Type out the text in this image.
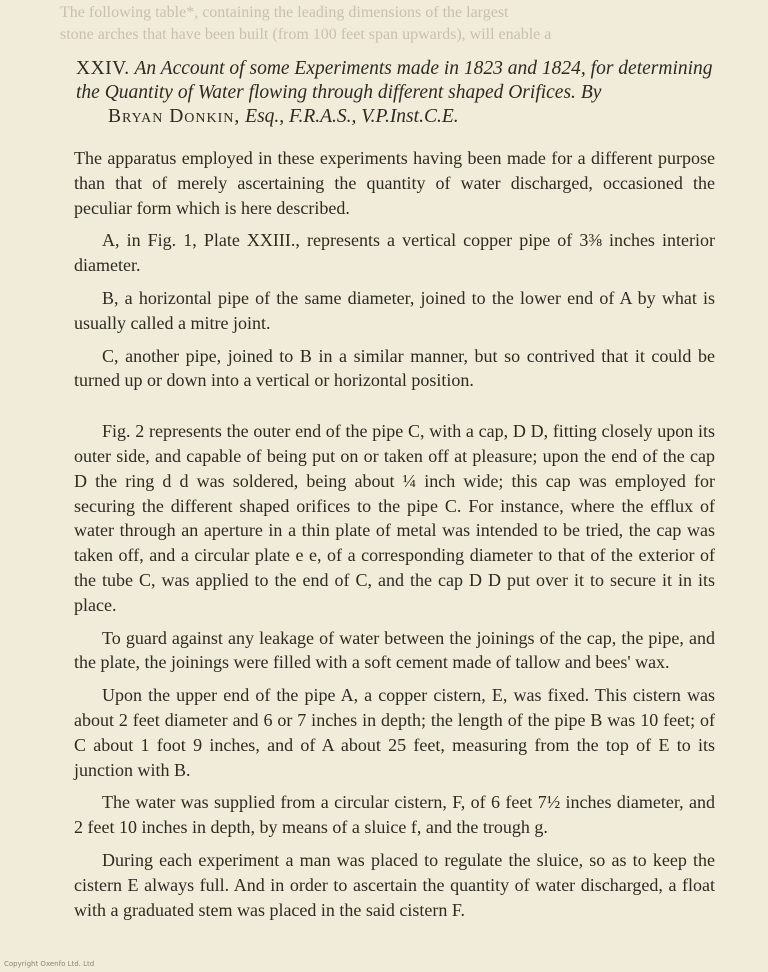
The following table*, containing the leading dimensions of the largest
stone arches that have been built (from 100 feet span upwards), will enable a
XXIV. An Account of some Experiments made in 1823 and 1824, for determining the Quantity of Water flowing through different shaped Orifices. By
Bryan Donkin, Esq., F.R.A.S., V.P.Inst.C.E.

The apparatus employed in these experiments having been made for a different purpose than that of merely ascertaining the quantity of water discharged, occasioned the peculiar form which is here described.

A, in Fig. 1, Plate XXIII., represents a vertical copper pipe of 3⅜ inches interior diameter.

B, a horizontal pipe of the same diameter, joined to the lower end of A by what is usually called a mitre joint.

C, another pipe, joined to B in a similar manner, but so contrived that it could be turned up or down into a vertical or horizontal position.

Fig. 2 represents the outer end of the pipe C, with a cap, D D, fitting closely upon its outer side, and capable of being put on or taken off at pleasure; upon the end of the cap D the ring d d was soldered, being about ¼ inch wide; this cap was employed for securing the different shaped orifices to the pipe C. For instance, where the efflux of water through an aperture in a thin plate of metal was intended to be tried, the cap was taken off, and a circular plate e e, of a corresponding diameter to that of the exterior of the tube C, was applied to the end of C, and the cap D D put over it to secure it in its place.

To guard against any leakage of water between the joinings of the cap, the pipe, and the plate, the joinings were filled with a soft cement made of tallow and bees' wax.

Upon the upper end of the pipe A, a copper cistern, E, was fixed. This cistern was about 2 feet diameter and 6 or 7 inches in depth; the length of the pipe B was 10 feet; of C about 1 foot 9 inches, and of A about 25 feet, measuring from the top of E to its junction with B.

The water was supplied from a circular cistern, F, of 6 feet 7½ inches diameter, and 2 feet 10 inches in depth, by means of a sluice f, and the trough g.

During each experiment a man was placed to regulate the sluice, so as to keep the cistern E always full. And in order to ascertain the quantity of water discharged, a float with a graduated stem was placed in the said cistern F.

Copyright Oxenfo Ltd. Ltd
